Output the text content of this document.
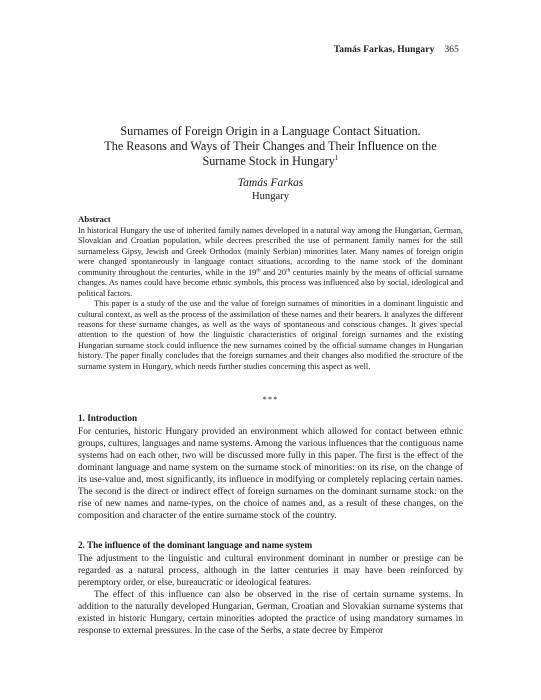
Tamás Farkas, Hungary 365
Surnames of Foreign Origin in a Language Contact Situation.
The Reasons and Ways of Their Changes and Their Influence on the
Surname Stock in Hungary$^1$
Tamás Farkas
Hungary
Abstract

In historical Hungary the use of inherited family names developed in a natural way among the Hungarian, German, Slovakian and Croatian population, while decrees prescribed the use of permanent family names for the still surnameless Gipsy, Jewish and Greek Orthodox (mainly Serbian) minorities later. Many names of foreign origin were changed spontaneously in language contact situations, according to the name stock of the dominant community throughout the centuries, while in the 19th and 20th centuries mainly by the means of official surname changes. As names could have become ethnic symbols, this process was influenced also by social, ideological and political factors.

This paper is a study of the use and the value of foreign surnames of minorities in a dominant linguistic and cultural context, as well as the process of the assimilation of these names and their bearers. It analyzes the different reasons for these surname changes, as well as the ways of spontaneous and conscious changes. It gives special attention to the question of how the linguistic characteristics of original foreign surnames and the existing Hungarian surname stock could influence the new surnames coined by the official surname changes in Hungarian history. The paper finally concludes that the foreign surnames and their changes also modified the structure of the surname system in Hungary, which needs further studies concerning this aspect as well.

***
1. Introduction

For centuries, historic Hungary provided an environment which allowed for contact between ethnic groups, cultures, languages and name systems. Among the various influences that the contiguous name systems had on each other, two will be discussed more fully in this paper. The first is the effect of the dominant language and name system on the surname stock of minorities: on its rise, on the change of its use-value and, most significantly, its influence in modifying or completely replacing certain names. The second is the direct or indirect effect of foreign surnames on the dominant surname stock: on the rise of new names and name-types, on the choice of names and, as a result of these changes, on the composition and character of the entire surname stock of the country.

2. The influence of the dominant language and name system

The adjustment to the linguistic and cultural environment dominant in number or prestige can be regarded as a natural process, although in the latter centuries it may have been reinforced by peremptory order, or else, bureaucratic or ideological features.

The effect of this influence can also be observed in the rise of certain surname systems. In addition to the naturally developed Hungarian, German, Croatian and Slovakian surname systems that existed in historic Hungary, certain minorities adopted the practice of using mandatory surnames in response to external pressures. In the case of the Serbs, a state decree by Emperor
